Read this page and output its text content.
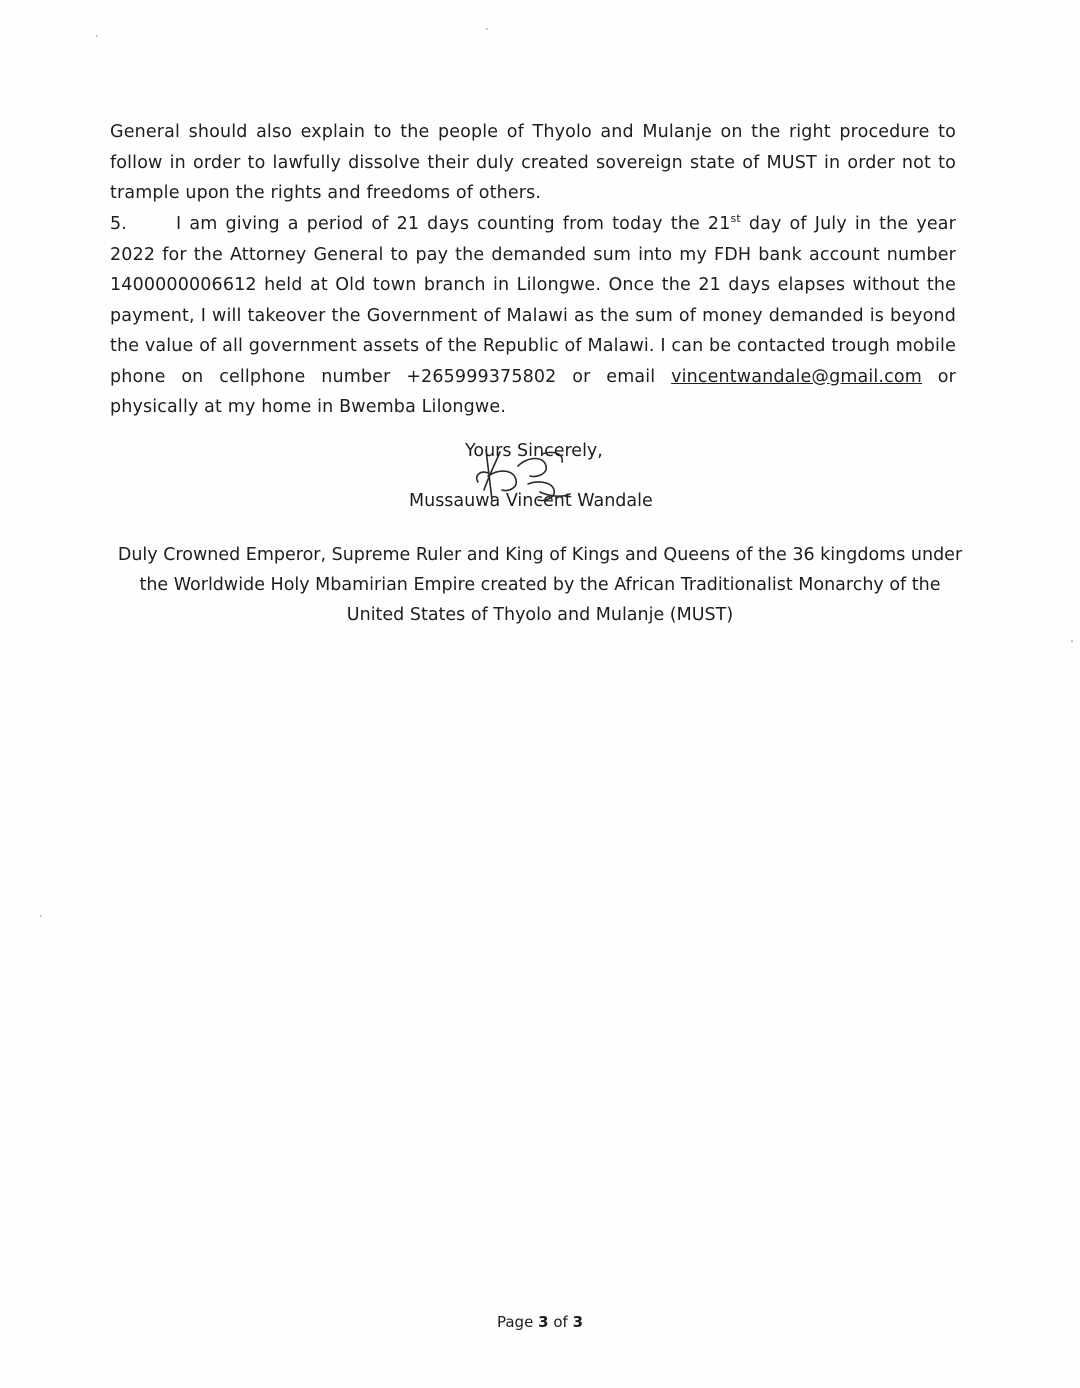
General should also explain to the people of Thyolo and Mulanje on the right procedure to follow in order to lawfully dissolve their duly created sovereign state of MUST in order not to trample upon the rights and freedoms of others.
5.	I am giving a period of 21 days counting from today the 21st day of July in the year 2022 for the Attorney General to pay the demanded sum into my FDH bank account number 1400000006612 held at Old town branch in Lilongwe. Once the 21 days elapses without the payment, I will takeover the Government of Malawi as the sum of money demanded is beyond the value of all government assets of the Republic of Malawi. I can be contacted trough mobile phone on cellphone number +265999375802 or email vincentwandale@gmail.com or physically at my home in Bwemba Lilongwe.
Yours Sincerely,
Mussauwa Vincent Wandale
Duly Crowned Emperor, Supreme Ruler and King of Kings and Queens of the 36 kingdoms under the Worldwide Holy Mbamirian Empire created by the African Traditionalist Monarchy of the United States of Thyolo and Mulanje (MUST)
Page 3 of 3
